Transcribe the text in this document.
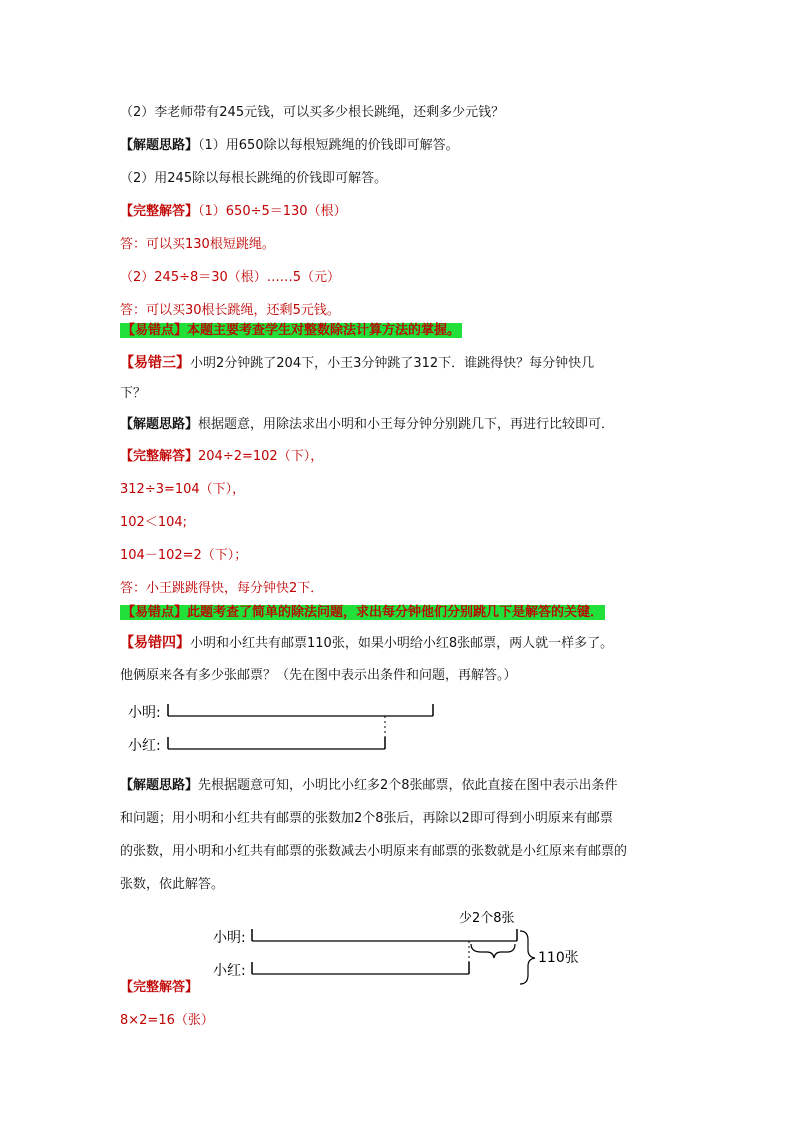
（2）李老师带有245元钱，可以买多少根长跳绳，还剩多少元钱？
【解题思路】（1）用650除以每根短跳绳的价钱即可解答。
（2）用245除以每根长跳绳的价钱即可解答。
【完整解答】（1）650÷5＝130（根）
答：可以买130根短跳绳。
（2）245÷8＝30（根）……5（元）
答：可以买30根长跳绳，还剩5元钱。
【易错点】本题主要考查学生对整数除法计算方法的掌握。
【易错三】小明2分钟跳了204下，小王3分钟跳了312下．谁跳得快？每分钟快几
下？
【解题思路】根据题意，用除法求出小明和小王每分钟分别跳几下，再进行比较即可．
【完整解答】204÷2=102（下），
312÷3=104（下），
102＜104;
104－102=2（下）；
答：小王跳跳得快，每分钟快2下．
【易错点】此题考查了简单的除法问题，求出每分钟他们分别跳几下是解答的关键．
【易错四】小明和小红共有邮票110张，如果小明给小红8张邮票，两人就一样多了。
他俩原来各有多少张邮票？（先在图中表示出条件和问题，再解答。）
小明:
小红:
小明:
小红:
少2个8张
110张
【解题思路】先根据题意可知，小明比小红多2个8张邮票，依此直接在图中表示出条件
和问题；用小明和小红共有邮票的张数加2个8张后，再除以2即可得到小明原来有邮票
的张数，用小明和小红共有邮票的张数减去小明原来有邮票的张数就是小红原来有邮票的
张数，依此解答。
【完整解答】
8×2=16（张）
